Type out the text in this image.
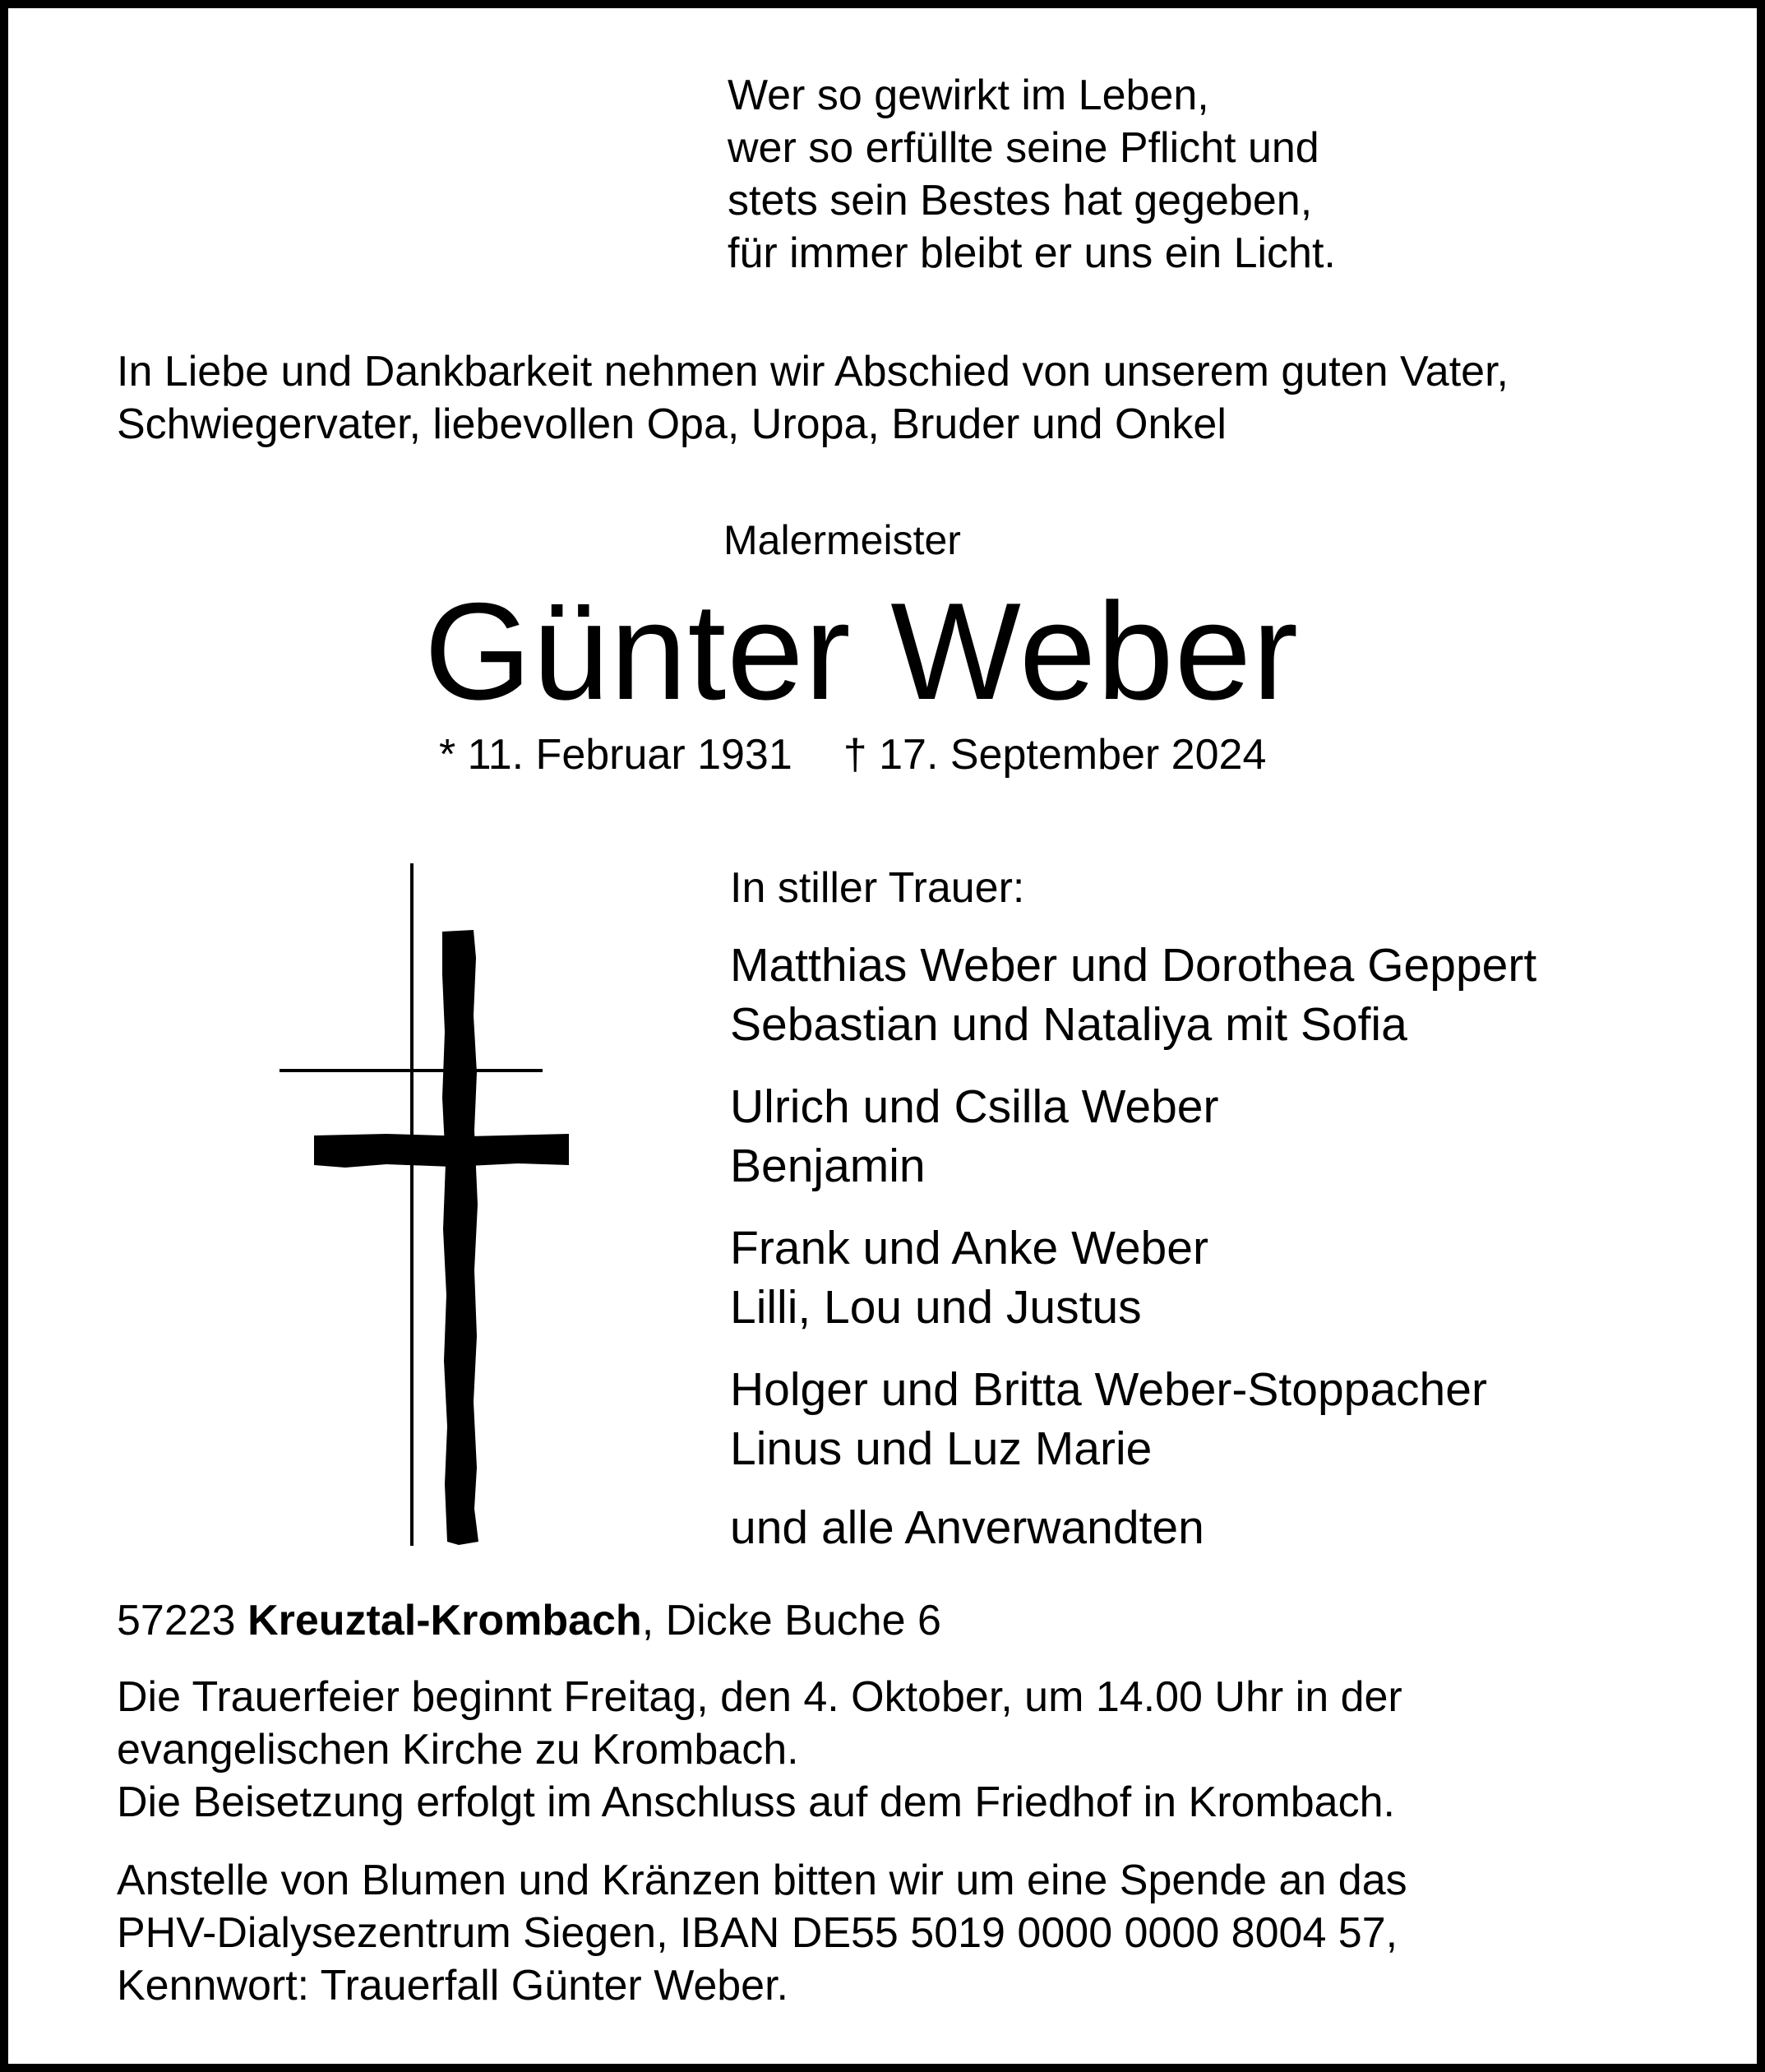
Wer so gewirkt im Leben,
wer so erfüllte seine Pflicht und
stets sein Bestes hat gegeben,
für immer bleibt er uns ein Licht.
In Liebe und Dankbarkeit nehmen wir Abschied von unserem guten Vater,
Schwiegervater, liebevollen Opa, Uropa, Bruder und Onkel
Malermeister
Günter Weber
* 11. Februar 1931 † 17. September 2024
In stiller Trauer:
Matthias Weber und Dorothea Geppert
Sebastian und Nataliya mit Sofia
Ulrich und Csilla Weber
Benjamin
Frank und Anke Weber
Lilli, Lou und Justus
Holger und Britta Weber-Stoppacher
Linus und Luz Marie
und alle Anverwandten
57223 Kreuztal-Krombach, Dicke Buche 6
Die Trauerfeier beginnt Freitag, den 4. Oktober, um 14.00 Uhr in der
evangelischen Kirche zu Krombach.
Die Beisetzung erfolgt im Anschluss auf dem Friedhof in Krombach.
Anstelle von Blumen und Kränzen bitten wir um eine Spende an das
PHV-Dialysezentrum Siegen, IBAN DE55 5019 0000 0000 8004 57,
Kennwort: Trauerfall Günter Weber.
